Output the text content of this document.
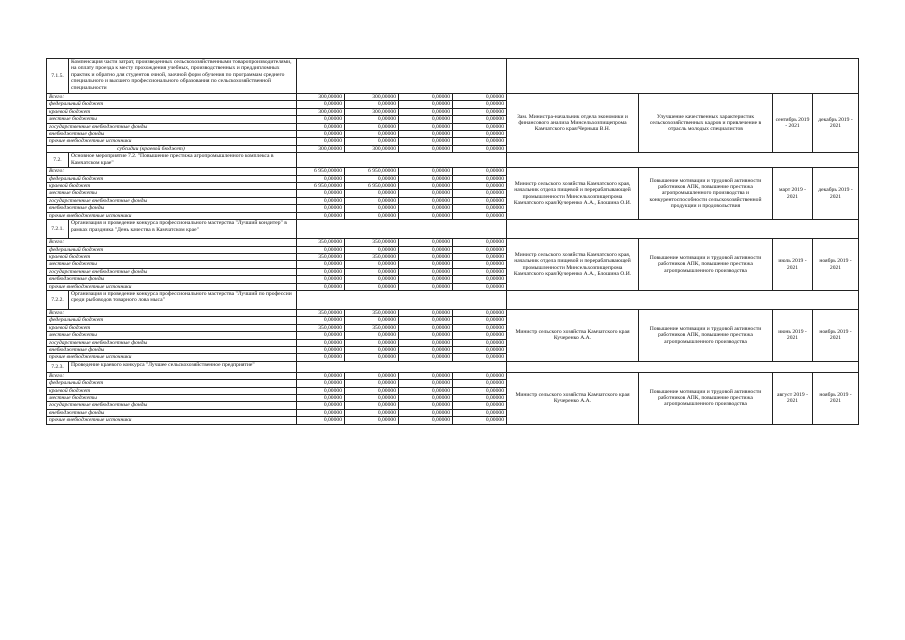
7.1.5.	Компенсация части затрат, произведенных сельскохозяйственными товаропроизводителями, на оплату проезда к месту прохождения учебных, производственных и преддипломных практик и обратно для студентов очной, заочной форм обучения по программам среднего специального и высшего профессионального образования по сельскохозяйственной специальности								
Всего:		300,00000	300,00000	0,00000	0,00000	Зам. Министра-начальник отдела экономики и финансового анализа Минсельхозпищепрома Камчатского края/Черныш В.Н.	Улучшение качественных характеристик сельскохозяйственных кадров и привлечение в отрасль молодых специалистов	сентябрь 2019 - 2021	декабрь 2019 - 2021
федеральный бюджет		0,00000	0,00000	0,00000	0,00000				
краевой бюджет		300,00000	300,00000	0,00000	0,00000				
местные бюджеты		0,00000	0,00000	0,00000	0,00000				
государственные внебюджетные фонды		0,00000	0,00000	0,00000	0,00000				
внебюджетные фонды		0,00000	0,00000	0,00000	0,00000				
прочие внебюджетные источники		0,00000	0,00000	0,00000	0,00000				
субсидии (краевой бюджет)		300,00000	300,00000	0,00000	0,00000				
7.2.	Основное мероприятие 7.2. "Повышение престижа агропромышленного комплекса в Камчатском крае"								
Всего:		6 950,00000	6 950,00000	0,00000	0,00000	Министр сельского хозяйства Камчатского края, начальник отдела пищевой и перерабатывающей промышленности Минсельхозпищепрома Камчатского края/Кучеренко А.А., Блошина О.И.	Повышение мотивации и трудовой активности работников АПК, повышение престижа агропромышленного производства и конкурентоспособности сельскохозяйственной продукции и продовольствия	март 2019 - 2021	декабрь 2019 - 2021
федеральный бюджет		0,00000	0,00000	0,00000	0,00000				
краевой бюджет		6 950,00000	6 950,00000	0,00000	0,00000				
местные бюджеты		0,00000	0,00000	0,00000	0,00000				
государственные внебюджетные фонды		0,00000	0,00000	0,00000	0,00000				
внебюджетные фонды		0,00000	0,00000	0,00000	0,00000				
прочие внебюджетные источники		0,00000	0,00000	0,00000	0,00000				
7.2.1.	Организация и проведение конкурса профессионального мастерства "Лучший кондитер" в рамках праздника "День качества в Камчатском крае"								
Всего:		350,00000	350,00000	0,00000	0,00000	Министр сельского хозяйства Камчатского края, начальник отдела пищевой и перерабатывающей промышленности Минсельхозпищепрома Камчатского края/Кучеренко А.А., Блошина О.И.	Повышение мотивации и трудовой активности работников АПК, повышение престижа агропромышленного производства	июль 2019 - 2021	ноябрь 2019 - 2021
федеральный бюджет		0,00000	0,00000	0,00000	0,00000				
краевой бюджет		350,00000	350,00000	0,00000	0,00000				
местные бюджеты		0,00000	0,00000	0,00000	0,00000				
государственные внебюджетные фонды		0,00000	0,00000	0,00000	0,00000				
внебюджетные фонды		0,00000	0,00000	0,00000	0,00000				
прочие внебюджетные источники		0,00000	0,00000	0,00000	0,00000				
7.2.2.	Организация и проведение конкурса профессионального мастерства "Лучший по профессии среди рыбоводов товарного лова мыса"								
Всего:		350,00000	350,00000	0,00000	0,00000	Министр сельского хозяйства Камчатского края Кучеренко А.А.	Повышение мотивации и трудовой активности работников АПК, повышение престижа агропромышленного производства	июнь 2019 - 2021	ноябрь 2019 - 2021
федеральный бюджет		0,00000	0,00000	0,00000	0,00000				
краевой бюджет		350,00000	350,00000	0,00000	0,00000				
местные бюджеты		0,00000	0,00000	0,00000	0,00000				
государственные внебюджетные фонды		0,00000	0,00000	0,00000	0,00000				
внебюджетные фонды		0,00000	0,00000	0,00000	0,00000				
прочие внебюджетные источники		0,00000	0,00000	0,00000	0,00000				
7.2.3.	Проведение краевого конкурса "Лучшее сельскохозяйственное предприятие"								
Всего:		0,00000	0,00000	0,00000	0,00000	Министр сельского хозяйства Камчатского края Кучеренко А.А.	Повышение мотивации и трудовой активности работников АПК, повышение престижа агропромышленного производства	август 2019 - 2021	ноябрь 2019 - 2021
федеральный бюджет		0,00000	0,00000	0,00000	0,00000				
краевой бюджет		0,00000	0,00000	0,00000	0,00000				
местные бюджеты		0,00000	0,00000	0,00000	0,00000				
государственные внебюджетные фонды		0,00000	0,00000	0,00000	0,00000				
внебюджетные фонды		0,00000	0,00000	0,00000	0,00000				
прочие внебюджетные источники		0,00000	0,00000	0,00000	0,00000				
